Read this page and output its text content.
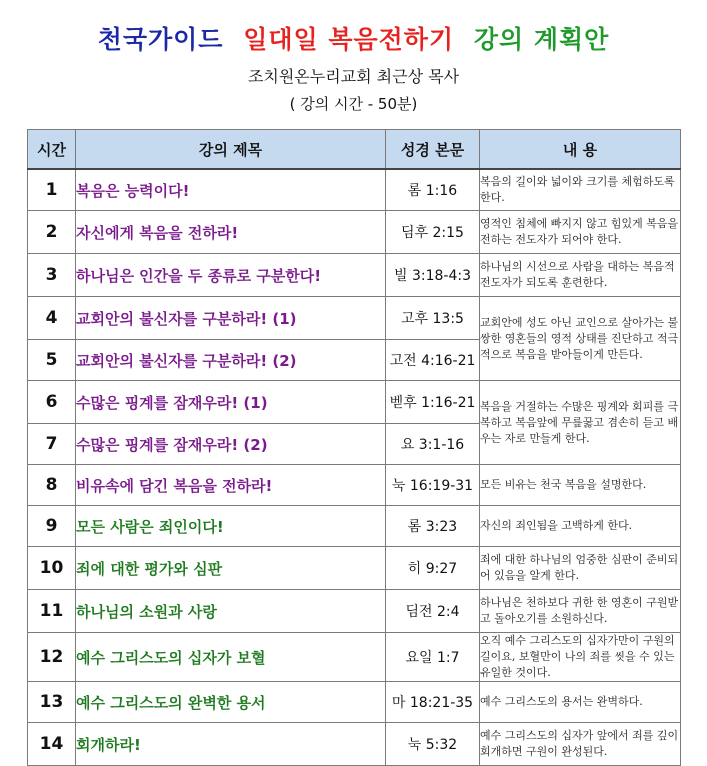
천국가이드 일대일 복음전하기 강의 계획안
조치원온누리교회 최근상 목사
( 강의 시간 - 50분)
시간	강의 제목	성경 본문	내 용
1	복음은 능력이다!	롬 1:16	복음의 길이와 넓이와 크기를 체험하도록 한다.
2	자신에게 복음을 전하라!	딤후 2:15	영적인 침체에 빠지지 않고 힘있게 복음을 전하는 전도자가 되어야 한다.
3	하나님은 인간을 두 종류로 구분한다!	빌 3:18-4:3	하나님의 시선으로 사람을 대하는 복음적 전도자가 되도록 훈련한다.
4	교회안의 불신자를 구분하라! (1)	고후 13:5	교회안에 성도 아닌 교인으로 살아가는 불쌍한 영혼들의 영적 상태를 진단하고 적극적으로 복음을 받아들이게 만든다.
5	교회안의 불신자를 구분하라! (2)	고전 4:16-21	
6	수많은 핑계를 잠재우라! (1)	벧후 1:16-21	복음을 거절하는 수많은 핑계와 회피를 극복하고 복음앞에 무릎꿇고 겸손히 듣고 배우는 자로 만들게 한다.
7	수많은 핑계를 잠재우라! (2)	요 3:1-16	
8	비유속에 담긴 복음을 전하라!	눅 16:19-31	모든 비유는 천국 복음을 설명한다.
9	모든 사람은 죄인이다!	롬 3:23	자신의 죄인됨을 고백하게 한다.
10	죄에 대한 평가와 심판	히 9:27	죄에 대한 하나님의 엄중한 심판이 준비되어 있음을 알게 한다.
11	하나님의 소원과 사랑	딤전 2:4	하나님은 천하보다 귀한 한 영혼이 구원받고 돌아오기를 소원하신다.
12	예수 그리스도의 십자가 보혈	요일 1:7	오직 예수 그리스도의 십자가만이 구원의 길이요, 보혈만이 나의 죄를 씻을 수 있는 유일한 것이다.
13	예수 그리스도의 완벽한 용서	마 18:21-35	예수 그리스도의 용서는 완벽하다.
14	회개하라!	눅 5:32	예수 그리스도의 십자가 앞에서 죄를 깊이 회개하면 구원이 완성된다.
